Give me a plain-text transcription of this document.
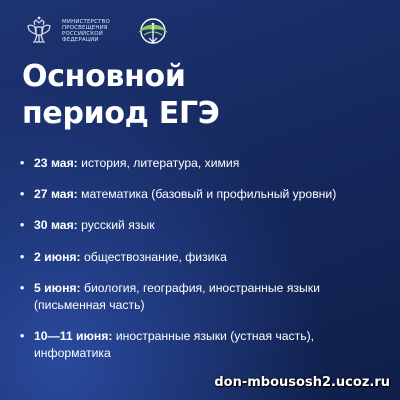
МИНИСТЕРСТВО
ПРОСВЕЩЕНИЯ
РОССИЙСКОЙ
ФЕДЕРАЦИИ
Основной
период ЕГЭ
• 23 мая: история, литература, химия
• 27 мая: математика (базовый и профильный уровни)
• 30 мая: русский язык
• 2 июня: обществознание, физика
• 5 июня: биология, география, иностранные языки (письменная часть)
• 10—11 июня: иностранные языки (устная часть), информатика
don-mbousosh2.ucoz.ru
